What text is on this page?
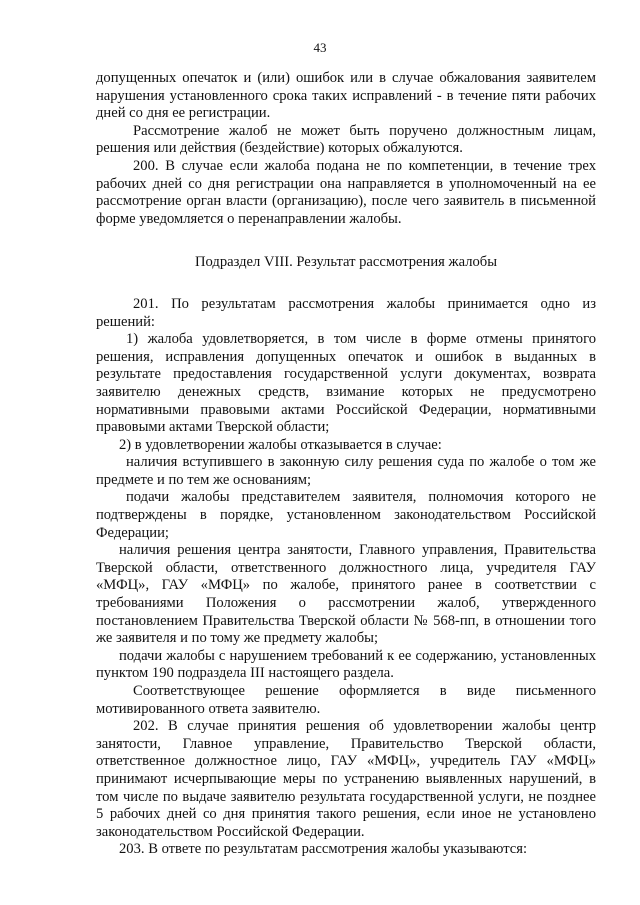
43

допущенных опечаток и (или) ошибок или в случае обжалования заявителем нарушения установленного срока таких исправлений - в течение пяти рабочих дней со дня ее регистрации.

Рассмотрение жалоб не может быть поручено должностным лицам, решения или действия (бездействие) которых обжалуются.

200. В случае если жалоба подана не по компетенции, в течение трех рабочих дней со дня регистрации она направляется в уполномоченный на ее рассмотрение орган власти (организацию), после чего заявитель в письменной форме уведомляется о перенаправлении жалобы.

Подраздел VIII. Результат рассмотрения жалобы

201. По результатам рассмотрения жалобы принимается одно из решений:

1) жалоба удовлетворяется, в том числе в форме отмены принятого решения, исправления допущенных опечаток и ошибок в выданных в результате предоставления государственной услуги документах, возврата заявителю денежных средств, взимание которых не предусмотрено нормативными правовыми актами Российской Федерации, нормативными правовыми актами Тверской области;

2) в удовлетворении жалобы отказывается в случае:

наличия вступившего в законную силу решения суда по жалобе о том же предмете и по тем же основаниям;

подачи жалобы представителем заявителя, полномочия которого не подтверждены в порядке, установленном законодательством Российской Федерации;

наличия решения центра занятости, Главного управления, Правительства Тверской области, ответственного должностного лица, учредителя ГАУ «МФЦ», ГАУ «МФЦ» по жалобе, принятого ранее в соответствии с требованиями Положения о рассмотрении жалоб, утвержденного постановлением Правительства Тверской области № 568-пп, в отношении того же заявителя и по тому же предмету жалобы;

подачи жалобы с нарушением требований к ее содержанию, установленных пунктом 190 подраздела III настоящего раздела.

Соответствующее решение оформляется в виде письменного мотивированного ответа заявителю.

202. В случае принятия решения об удовлетворении жалобы центр занятости, Главное управление, Правительство Тверской области, ответственное должностное лицо, ГАУ «МФЦ», учредитель ГАУ «МФЦ» принимают исчерпывающие меры по устранению выявленных нарушений, в том числе по выдаче заявителю результата государственной услуги, не позднее 5 рабочих дней со дня принятия такого решения, если иное не установлено законодательством Российской Федерации.

203. В ответе по результатам рассмотрения жалобы указываются:
